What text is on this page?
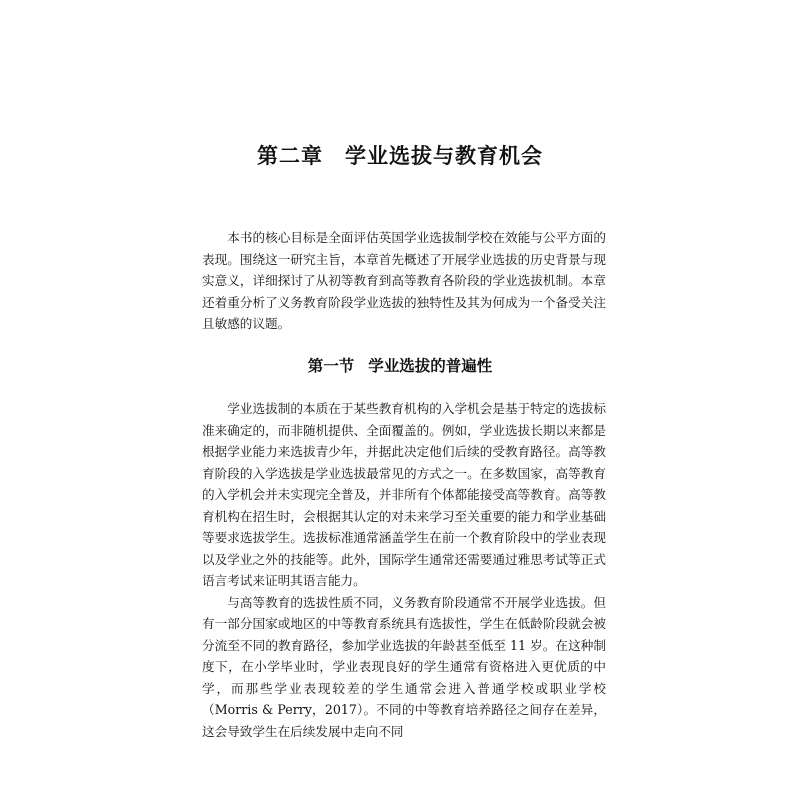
第二章 学业选拔与教育机会

本书的核心目标是全面评估英国学业选拔制学校在效能与公平方面的表现。围绕这一研究主旨，本章首先概述了开展学业选拔的历史背景与现实意义，详细探讨了从初等教育到高等教育各阶段的学业选拔机制。本章还着重分析了义务教育阶段学业选拔的独特性及其为何成为一个备受关注且敏感的议题。

第一节 学业选拔的普遍性

学业选拔制的本质在于某些教育机构的入学机会是基于特定的选拔标准来确定的，而非随机提供、全面覆盖的。例如，学业选拔长期以来都是根据学业能力来选拔青少年，并据此决定他们后续的受教育路径。高等教育阶段的入学选拔是学业选拔最常见的方式之一。在多数国家，高等教育的入学机会并未实现完全普及，并非所有个体都能接受高等教育。高等教育机构在招生时，会根据其认定的对未来学习至关重要的能力和学业基础等要求选拔学生。选拔标准通常涵盖学生在前一个教育阶段中的学业表现以及学业之外的技能等。此外，国际学生通常还需要通过雅思考试等正式语言考试来证明其语言能力。

与高等教育的选拔性质不同，义务教育阶段通常不开展学业选拔。但有一部分国家或地区的中等教育系统具有选拔性，学生在低龄阶段就会被分流至不同的教育路径，参加学业选拔的年龄甚至低至 11 岁。在这种制度下，在小学毕业时，学业表现良好的学生通常有资格进入更优质的中学，而那些学业表现较差的学生通常会进入普通学校或职业学校（Morris & Perry，2017）。不同的中等教育培养路径之间存在差异，这会导致学生在后续发展中走向不同
